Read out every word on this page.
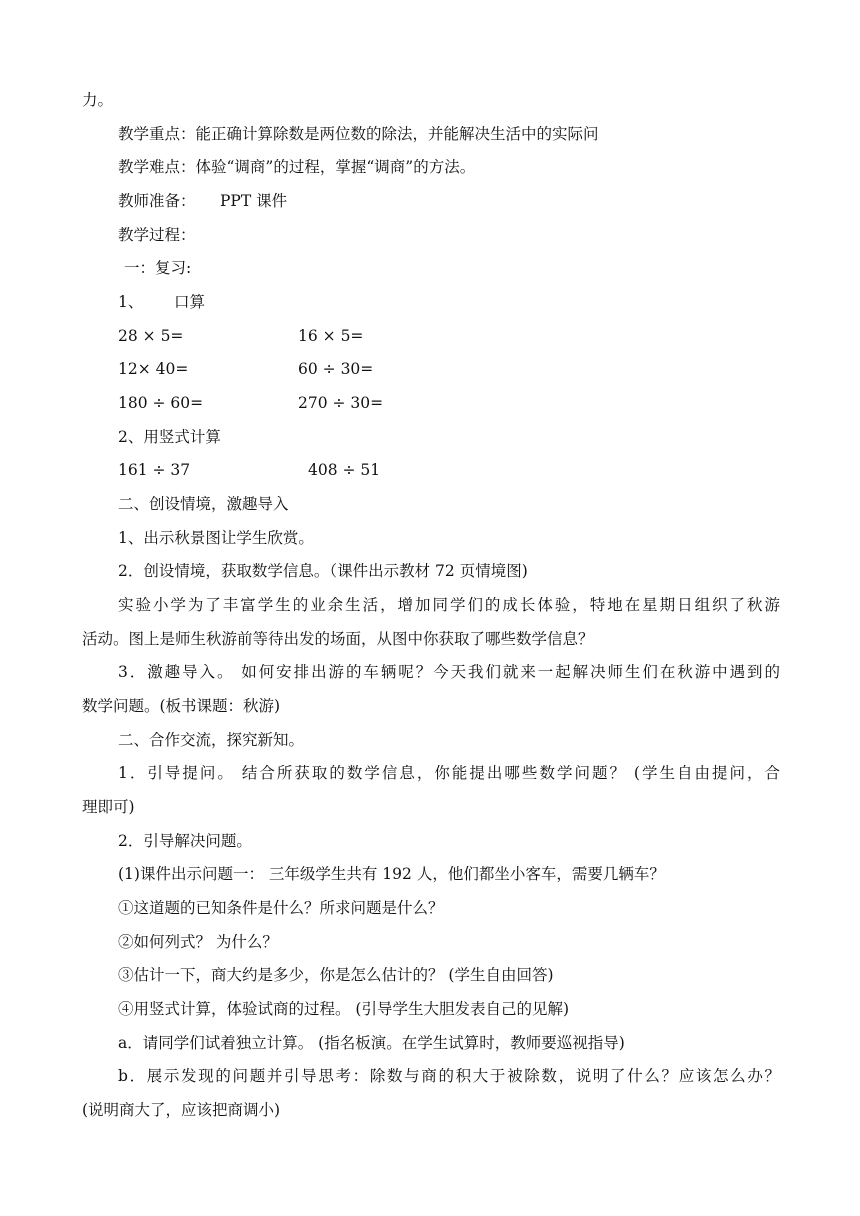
力。
教学重点：能正确计算除数是两位数的除法，并能解决生活中的实际问
教学难点：体验“调商”的过程，掌握“调商”的方法。
教师准备： PPT 课件
教学过程：
一：复习:
1、 口算
28 × 5=	16 × 5=
12× 40=	60 ÷ 30=
180 ÷ 60=	270 ÷ 30=
2、用竖式计算
161 ÷ 37	408 ÷ 51
二、创设情境，激趣导入
1、出示秋景图让学生欣赏。
2．创设情境，获取数学信息。（课件出示教材 72 页情境图)
实验小学为了丰富学生的业余生活，增加同学们的成长体验，特地在星期日组织了秋游
活动。图上是师生秋游前等待出发的场面，从图中你获取了哪些数学信息？
3．激趣导入。 如何安排出游的车辆呢？今天我们就来一起解决师生们在秋游中遇到的
数学问题。(板书课题：秋游)
二、合作交流，探究新知。
1．引导提问。 结合所获取的数学信息，你能提出哪些数学问题？ (学生自由提问，合
理即可)
2．引导解决问题。
(1)课件出示问题一： 三年级学生共有 192 人，他们都坐小客车，需要几辆车？
①这道题的已知条件是什么？所求问题是什么？
②如何列式？ 为什么？
③估计一下，商大约是多少，你是怎么估计的？ (学生自由回答)
④用竖式计算，体验试商的过程。 (引导学生大胆发表自己的见解)
a．请同学们试着独立计算。 (指名板演。在学生试算时，教师要巡视指导)
b．展示发现的问题并引导思考：除数与商的积大于被除数，说明了什么？应该怎么办？
(说明商大了，应该把商调小)
